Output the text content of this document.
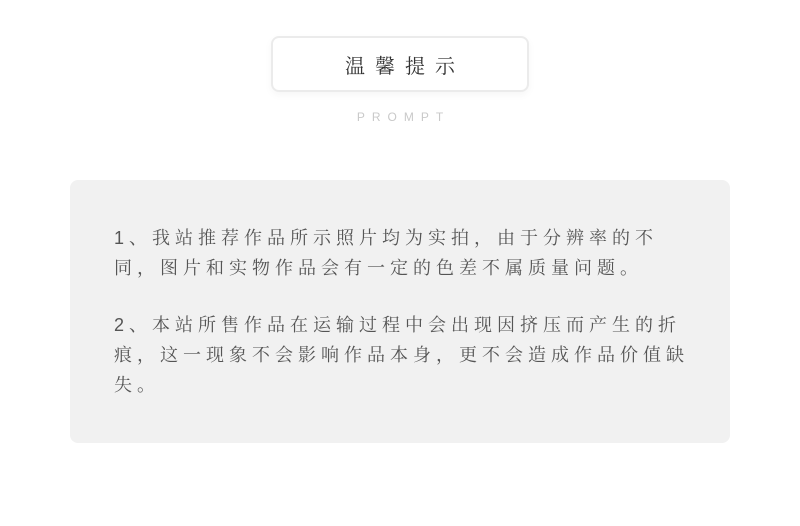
温馨提示
PROMPT
1、我站推荐作品所示照片均为实拍，由于分辨率的不
同，图片和实物作品会有一定的色差不属质量问题。
2、本站所售作品在运输过程中会出现因挤压而产生的折
痕，这一现象不会影响作品本身，更不会造成作品价值缺
失。
